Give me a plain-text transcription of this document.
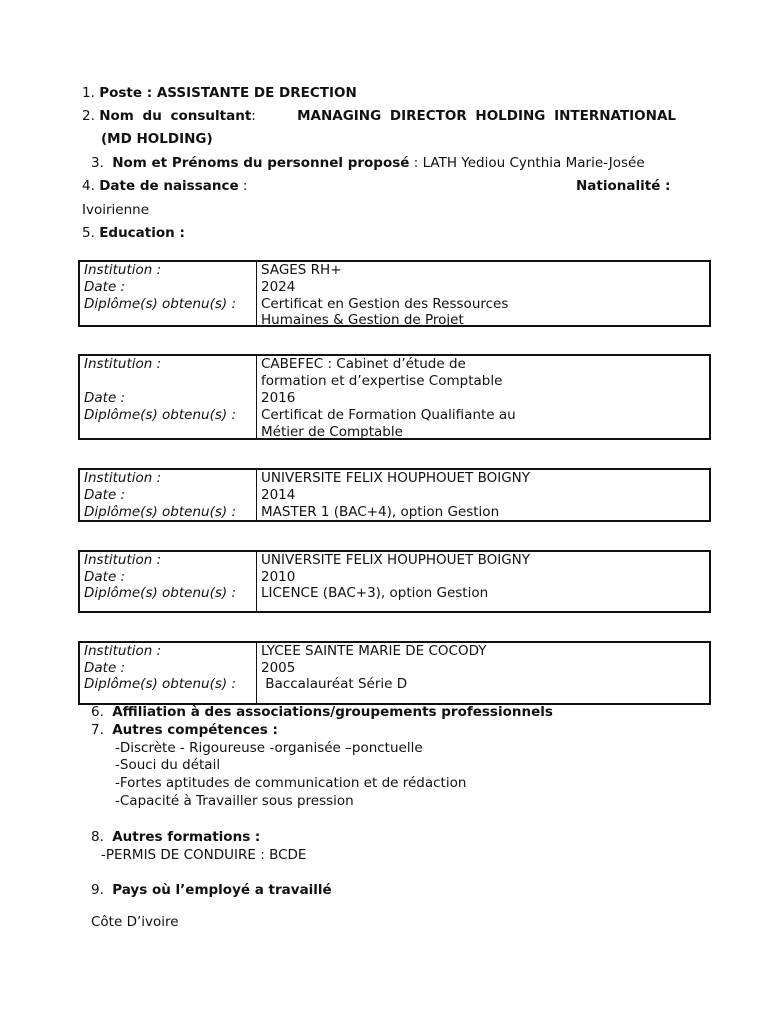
1. Poste : ASSISTANTE DE DRECTION
2. Nom du consultant:	MANAGING DIRECTOR HOLDING INTERNATIONAL
(MD HOLDING)
3. Nom et Prénoms du personnel proposé : LATH Yediou Cynthia Marie-Josée
4. Date de naissance :	Nationalité :
Ivoirienne
5. Education :
Institution :
Date :
Diplôme(s) obtenu(s) :
SAGES RH+
2024
Certificat en Gestion des Ressources
Humaines & Gestion de Projet
Institution :
Date :
Diplôme(s) obtenu(s) :
CABEFEC : Cabinet d’étude de
formation et d’expertise Comptable
2016
Certificat de Formation Qualifiante au
Métier de Comptable
Institution :
Date :
Diplôme(s) obtenu(s) :
UNIVERSITE FELIX HOUPHOUET BOIGNY
2014
MASTER 1 (BAC+4), option Gestion
Institution :
Date :
Diplôme(s) obtenu(s) :
UNIVERSITE FELIX HOUPHOUET BOIGNY
2010
LICENCE (BAC+3), option Gestion
Institution :
Date :
Diplôme(s) obtenu(s) :
LYCEE SAINTE MARIE DE COCODY
2005
Baccalauréat Série D
6. Affiliation à des associations/groupements professionnels
7. Autres compétences :
-Discrète - Rigoureuse -organisée –ponctuelle
-Souci du détail
-Fortes aptitudes de communication et de rédaction
-Capacité à Travailler sous pression
8. Autres formations :
-PERMIS DE CONDUIRE : BCDE
9. Pays où l’employé a travaillé
Côte D’ivoire
